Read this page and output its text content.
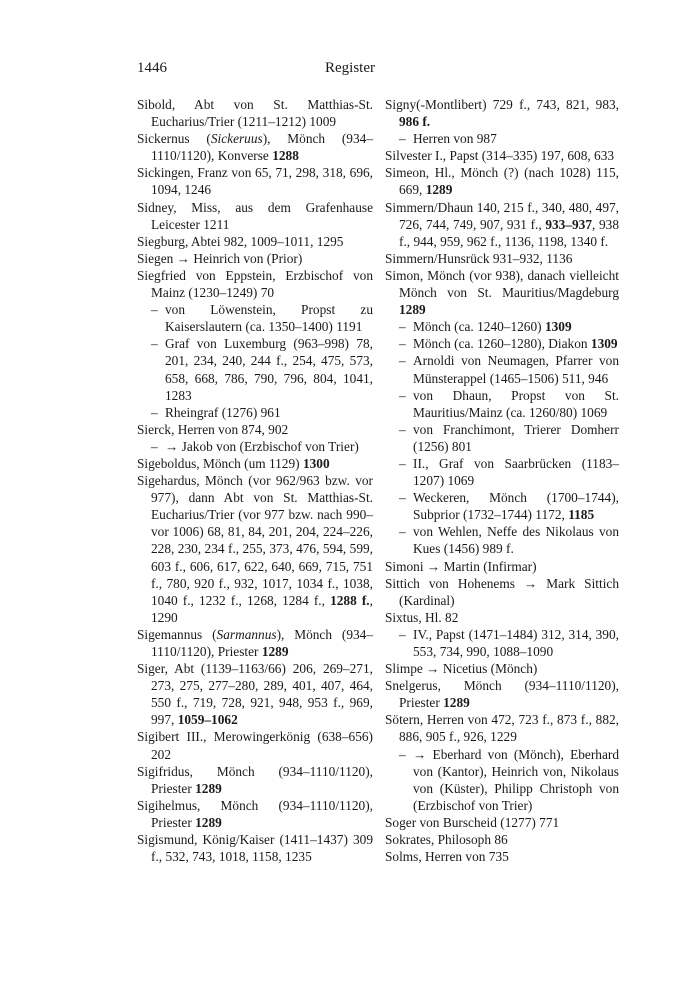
1446	Register
Sibold, Abt von St. Matthias-St. Eucharius/Trier (1211–1212) 1009
Sickernus (Sickeruus), Mönch (934–1110/1120), Konverse 1288
Sickingen, Franz von 65, 71, 298, 318, 696, 1094, 1246
Sidney, Miss, aus dem Grafenhause Leicester 1211
Siegburg, Abtei 982, 1009–1011, 1295
Siegen → Heinrich von (Prior)
Siegfried von Eppstein, Erzbischof von Mainz (1230–1249) 70
– von Löwenstein, Propst zu Kaiserslautern (ca. 1350–1400) 1191
– Graf von Luxemburg (963–998) 78, 201, 234, 240, 244 f., 254, 475, 573, 658, 668, 786, 790, 796, 804, 1041, 1283
– Rheingraf (1276) 961
Sierck, Herren von 874, 902
– → Jakob von (Erzbischof von Trier)
Sigeboldus, Mönch (um 1129) 1300
Sigehardus, Mönch (vor 962/963 bzw. vor 977), dann Abt von St. Matthias-St. Eucharius/Trier (vor 977 bzw. nach 990–vor 1006) 68, 81, 84, 201, 204, 224–226, 228, 230, 234 f., 255, 373, 476, 594, 599, 603 f., 606, 617, 622, 640, 669, 715, 751 f., 780, 920 f., 932, 1017, 1034 f., 1038, 1040 f., 1232 f., 1268, 1284 f., 1288 f., 1290
Sigemannus (Sarmannus), Mönch (934–1110/1120), Priester 1289
Siger, Abt (1139–1163/66) 206, 269–271, 273, 275, 277–280, 289, 401, 407, 464, 550 f., 719, 728, 921, 948, 953 f., 969, 997, 1059–1062
Sigibert III., Merowingerkönig (638–656) 202
Sigifridus, Mönch (934–1110/1120), Priester 1289
Sigihelmus, Mönch (934–1110/1120), Priester 1289
Sigismund, König/Kaiser (1411–1437) 309 f., 532, 743, 1018, 1158, 1235
Signy(-Montlibert) 729 f., 743, 821, 983, 986 f.
– Herren von 987
Silvester I., Papst (314–335) 197, 608, 633
Simeon, Hl., Mönch (?) (nach 1028) 115, 669, 1289
Simmern/Dhaun 140, 215 f., 340, 480, 497, 726, 744, 749, 907, 931 f., 933–937, 938 f., 944, 959, 962 f., 1136, 1198, 1340 f.
Simmern/Hunsrück 931–932, 1136
Simon, Mönch (vor 938), danach vielleicht Mönch von St. Mauritius/Magdeburg 1289
– Mönch (ca. 1240–1260) 1309
– Mönch (ca. 1260–1280), Diakon 1309
– Arnoldi von Neumagen, Pfarrer von Münsterappel (1465–1506) 511, 946
– von Dhaun, Propst von St. Mauritius/Mainz (ca. 1260/80) 1069
– von Franchimont, Trierer Domherr (1256) 801
– II., Graf von Saarbrücken (1183–1207) 1069
– Weckeren, Mönch (1700–1744), Subprior (1732–1744) 1172, 1185
– von Wehlen, Neffe des Nikolaus von Kues (1456) 989 f.
Simoni → Martin (Infirmar)
Sittich von Hohenems → Mark Sittich (Kardinal)
Sixtus, Hl. 82
– IV., Papst (1471–1484) 312, 314, 390, 553, 734, 990, 1088–1090
Slimpe → Nicetius (Mönch)
Snelgerus, Mönch (934–1110/1120), Priester 1289
Sötern, Herren von 472, 723 f., 873 f., 882, 886, 905 f., 926, 1229
– → Eberhard von (Mönch), Eberhard von (Kantor), Heinrich von, Nikolaus von (Küster), Philipp Christoph von (Erzbischof von Trier)
Soger von Burscheid (1277) 771
Sokrates, Philosoph 86
Solms, Herren von 735
